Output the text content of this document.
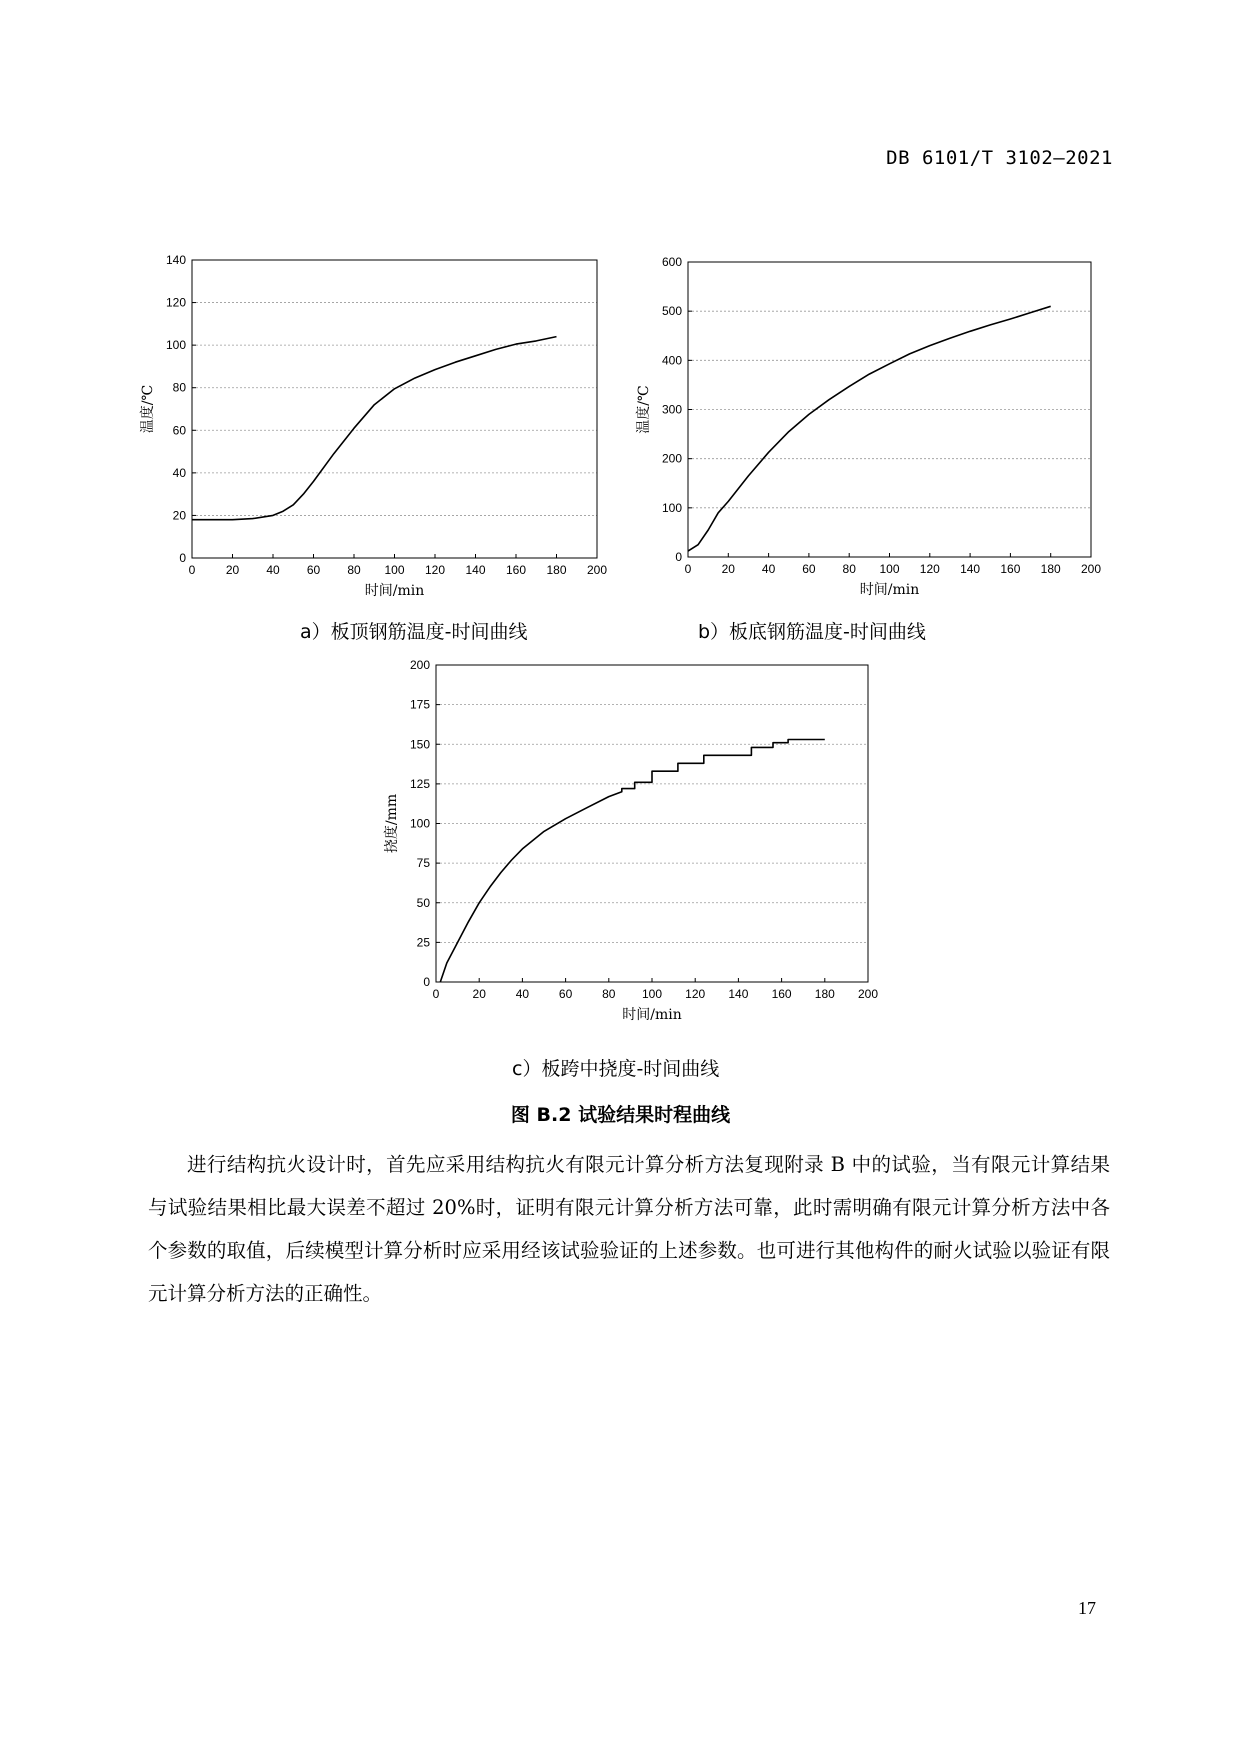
DB 6101/T 3102—2021
0	20 40 60 80 100 120 140 160 180 200
0
20
40
60
80
100
120
140
时间/min
温度/℃
a）板顶钢筋温度-时间曲线
0	20 40 60 80 100 120 140 160 180 200
0
100
200
300
400
500
600
时间/min
温度/℃
b）板底钢筋温度-时间曲线
0	20 40 60 80 100 120 140 160 180 200
0
25
50
75
100
125
150
175
200
时间/min
挠度/mm
c）板跨中挠度-时间曲线
图 B.2 试验结果时程曲线

进行结构抗火设计时，首先应采用结构抗火有限元计算分析方法复现附录 B 中的试验，当有限元计算结果与试验结果相比最大误差不超过 20%时，证明有限元计算分析方法可靠，此时需明确有限元计算分析方法中各个参数的取值，后续模型计算分析时应采用经该试验验证的上述参数。也可进行其他构件的耐火试验以验证有限元计算分析方法的正确性。

17
